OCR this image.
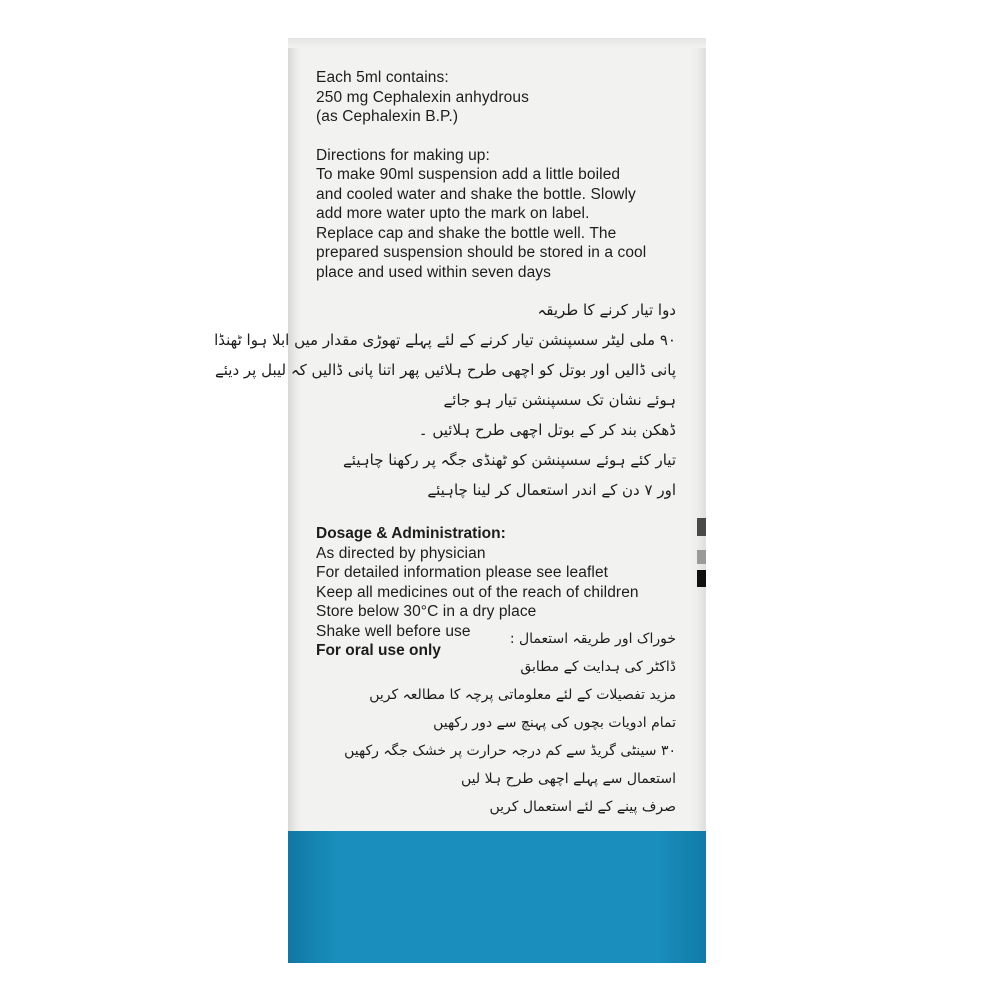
Each 5ml contains:
250 mg Cephalexin anhydrous
(as Cephalexin B.P.)
Directions for making up:
To make 90ml suspension add a little boiled
and cooled water and shake the bottle. Slowly
add more water upto the mark on label.
Replace cap and shake the bottle well. The
prepared suspension should be stored in a cool
place and used within seven days
دوا تیار کرنے کا طریقہ
۹۰ ملی لیٹر سسپنشن تیار کرنے کے لئے پہلے تھوڑی مقدار میں ابلا ہوا ٹھنڈا
پانی ڈالیں اور بوتل کو اچھی طرح ہلائیں پھر اتنا پانی ڈالیں کہ لیبل پر دیئے
ہوئے نشان تک سسپنشن تیار ہو جائے
ڈھکن بند کر کے بوتل اچھی طرح ہلائیں ۔
تیار کئے ہوئے سسپنشن کو ٹھنڈی جگہ پر رکھنا چاہیئے
اور ۷ دن کے اندر استعمال کر لینا چاہیئے
Dosage & Administration:
As directed by physician
For detailed information please see leaflet
Keep all medicines out of the reach of children
Store below 30°C in a dry place
Shake well before use
For oral use only
خوراک اور طریقہ استعمال :
ڈاکٹر کی ہدایت کے مطابق
مزید تفصیلات کے لئے معلوماتی پرچہ کا مطالعہ کریں
تمام ادویات بچوں کی پہنچ سے دور رکھیں
۳۰ سینٹی گریڈ سے کم درجہ حرارت پر خشک جگہ رکھیں
استعمال سے پہلے اچھی طرح ہلا لیں
صرف پینے کے لئے استعمال کریں
